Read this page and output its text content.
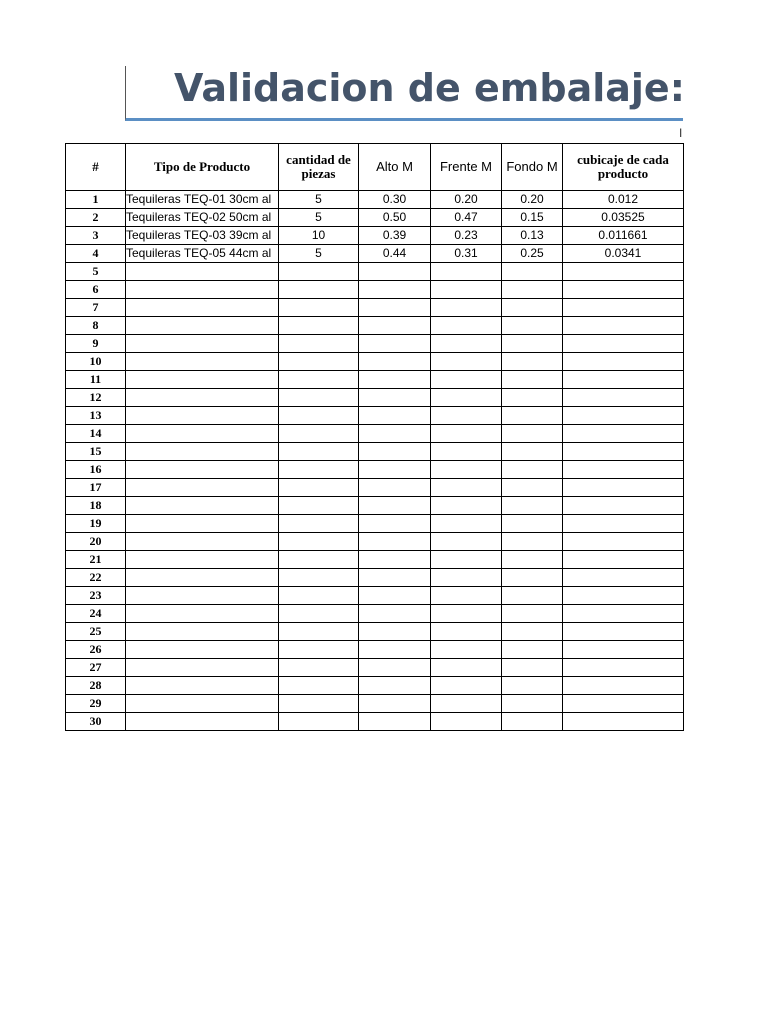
Validacion de embalaje:
I
#	Tipo de Producto	cantidad de piezas	Alto M	Frente M	Fondo M	cubicaje de cada producto
1	Tequileras TEQ-01 30cm al	5	0.30	0.20	0.20	0.012
2	Tequileras TEQ-02 50cm al	5	0.50	0.47	0.15	0.03525
3	Tequileras TEQ-03 39cm al	10	0.39	0.23	0.13	0.011661
4	Tequileras TEQ-05 44cm al	5	0.44	0.31	0.25	0.0341
5						
6						
7						
8						
9						
10						
11						
12						
13						
14						
15						
16						
17						
18						
19						
20						
21						
22						
23						
24						
25						
26						
27						
28						
29						
30						
